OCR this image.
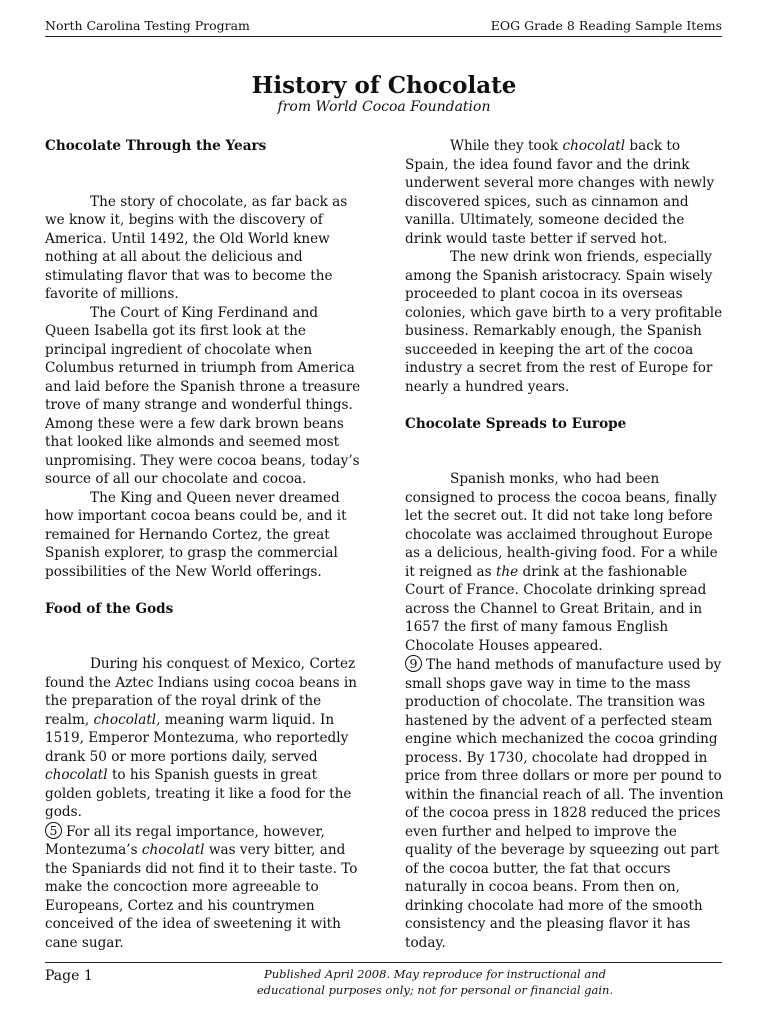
North Carolina Testing Program	EOG Grade 8 Reading Sample Items
History of Chocolate
from World Cocoa Foundation
Chocolate Through the Years

The story of chocolate, as far back as we know it, begins with the discovery of America. Until 1492, the Old World knew nothing at all about the delicious and stimulating flavor that was to become the favorite of millions.

The Court of King Ferdinand and Queen Isabella got its first look at the principal ingredient of chocolate when Columbus returned in triumph from America and laid before the Spanish throne a treasure trove of many strange and wonderful things. Among these were a few dark brown beans that looked like almonds and seemed most unpromising. They were cocoa beans, today’s source of all our chocolate and cocoa.

The King and Queen never dreamed how important cocoa beans could be, and it remained for Hernando Cortez, the great Spanish explorer, to grasp the commercial possibilities of the New World offerings.

Food of the Gods

During his conquest of Mexico, Cortez found the Aztec Indians using cocoa beans in the preparation of the royal drink of the realm, chocolatl, meaning warm liquid. In 1519, Emperor Montezuma, who reportedly drank 50 or more portions daily, served chocolatl to his Spanish guests in great golden goblets, treating it like a food for the gods.

5 For all its regal importance, however, Montezuma’s chocolatl was very bitter, and the Spaniards did not find it to their taste. To make the concoction more agreeable to Europeans, Cortez and his countrymen conceived of the idea of sweetening it with cane sugar.

While they took chocolatl back to Spain, the idea found favor and the drink underwent several more changes with newly discovered spices, such as cinnamon and vanilla. Ultimately, someone decided the drink would taste better if served hot.

The new drink won friends, especially among the Spanish aristocracy. Spain wisely proceeded to plant cocoa in its overseas colonies, which gave birth to a very profitable business. Remarkably enough, the Spanish succeeded in keeping the art of the cocoa industry a secret from the rest of Europe for nearly a hundred years.

Chocolate Spreads to Europe

Spanish monks, who had been consigned to process the cocoa beans, finally let the secret out. It did not take long before chocolate was acclaimed throughout Europe as a delicious, health-giving food. For a while it reigned as the drink at the fashionable Court of France. Chocolate drinking spread across the Channel to Great Britain, and in 1657 the first of many famous English Chocolate Houses appeared.

9 The hand methods of manufacture used by small shops gave way in time to the mass production of chocolate. The transition was hastened by the advent of a perfected steam engine which mechanized the cocoa grinding process. By 1730, chocolate had dropped in price from three dollars or more per pound to within the financial reach of all. The invention of the cocoa press in 1828 reduced the prices even further and helped to improve the quality of the beverage by squeezing out part of the cocoa butter, the fat that occurs naturally in cocoa beans. From then on, drinking chocolate had more of the smooth consistency and the pleasing flavor it has today.

Page 1	Published April 2008. May reproduce for instructional and
educational purposes only; not for personal or financial gain.
